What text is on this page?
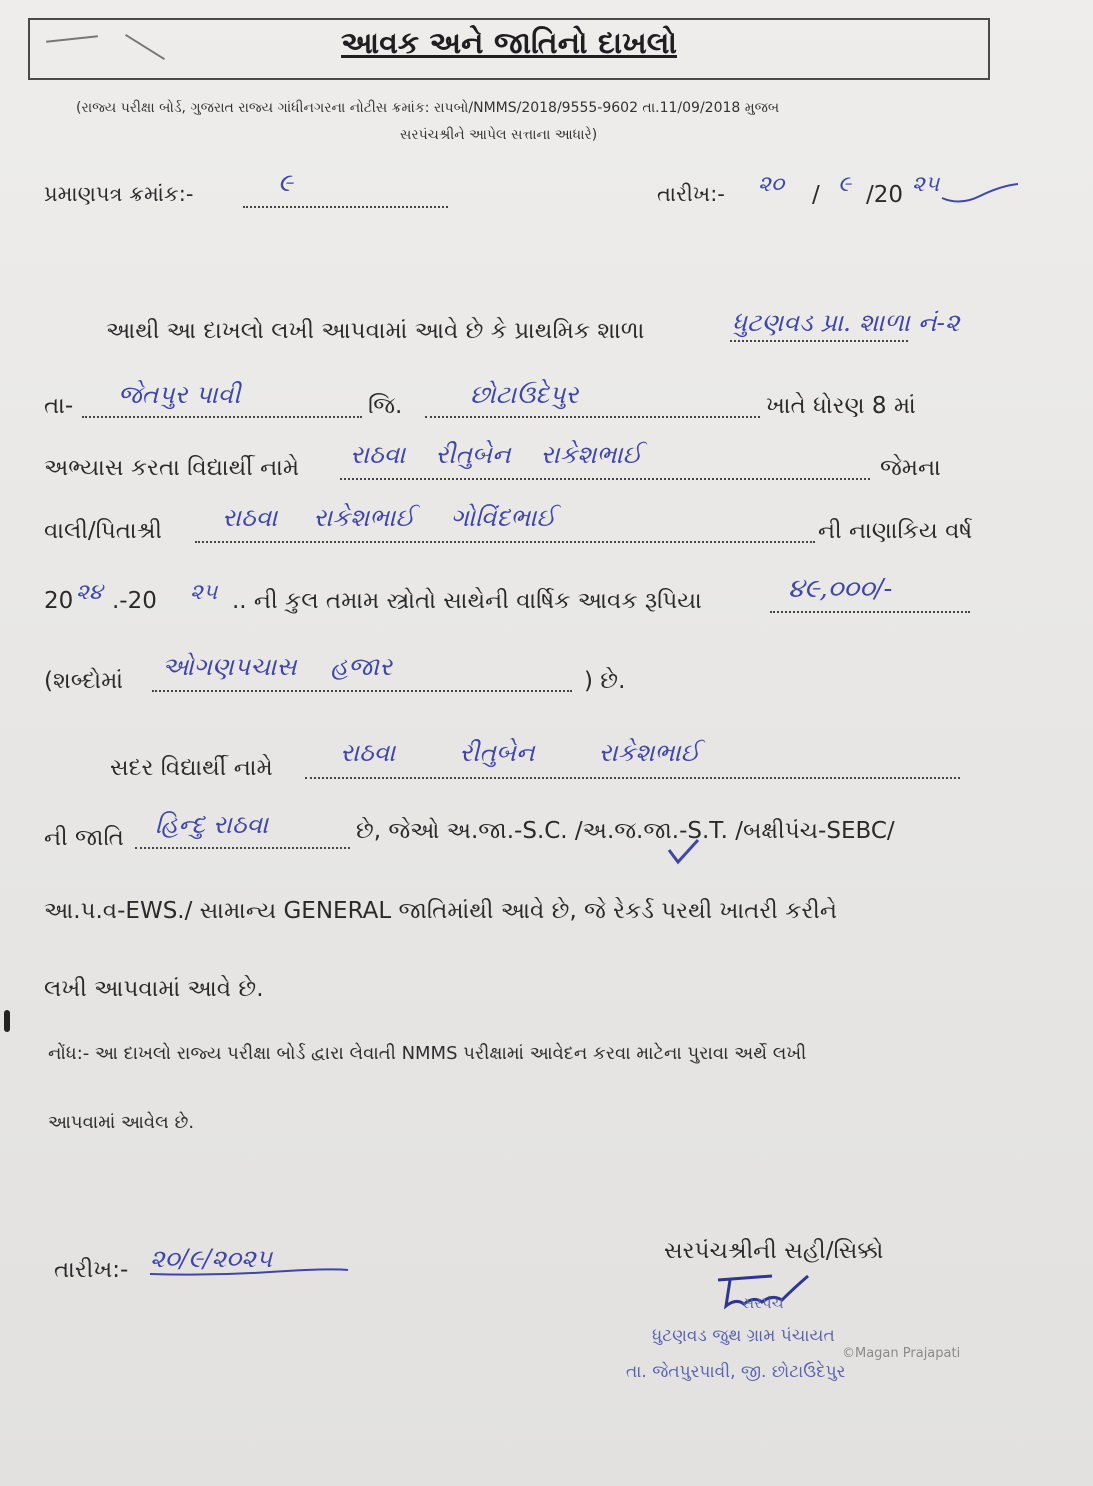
આવક અને જાતિનો દાખલો
(રાજ્ય પરીક્ષા બોર્ડ, ગુજરાત રાજ્ય ગાંધીનગરના નોટીસ ક્રમાંક: રાપબો/NMMS/2018/9555-9602 તા.11/09/2018 મુજબ
સરપંચશ્રીને આપેલ સત્તાના આધારે)
પ્રમાણપત્ર ક્રમાંક:-	૯	તારીખ:- ૨૦ / ૯ /20 ૨૫
આથી આ દાખલો લખી આપવામાં આવે છે કે પ્રાથમિક શાળા	ધુટણવડ પ્રા. શાળા નં-૨
તા- જેતપુર પાવી	જિ.	છોટાઉદેપુર	ખાતે ધોરણ 8 માં
અભ્યાસ કરતા વિદ્યાર્થી નામે રાઠવા રીતુબેન રાકેશભાઈ	જેમના
વાલી/પિતાશ્રી રાઠવા રાકેશભાઈ ગોવિંદભાઈ	ની નાણાકિય વર્ષ
20 ૨૪ .-20 ૨૫ .. ની કુલ તમામ સ્ત્રોતો સાથેની વાર્ષિક આવક રૂપિયા	૪૯,૦૦૦/-
(શબ્દોમાં ઓગણપચાસ હજાર	) છે.
સદર વિદ્યાર્થી નામે
રાઠવા રીતુબેન રાકેશભાઈ
ની જાતિ હિન્દુ રાઠવા	છે, જેઓ અ.જા.-S.C. /અ.જ.જા.-S.T. /બક્ષીપંચ-SEBC/
આ.પ.વ-EWS./ સામાન્ય GENERAL જાતિમાંથી આવે છે, જે રેકર્ડ પરથી ખાતરી કરીને
લખી આપવામાં આવે છે.
નોંધ:- આ દાખલો રાજ્ય પરીક્ષા બોર્ડ દ્વારા લેવાતી NMMS પરીક્ષામાં આવેદન કરવા માટેના પુરાવા અર્થે લખી
આપવામાં આવેલ છે.
તારીખ:- ૨૦/૯/૨૦૨૫	સરપંચશ્રીની સહી/સિક્કો
સરપંચ
ધુટણવડ જુથ ગ્રામ પંચાયત
તા. જેતપુરપાવી, જી. છોટાઉદેપુર
©Magan Prajapati
